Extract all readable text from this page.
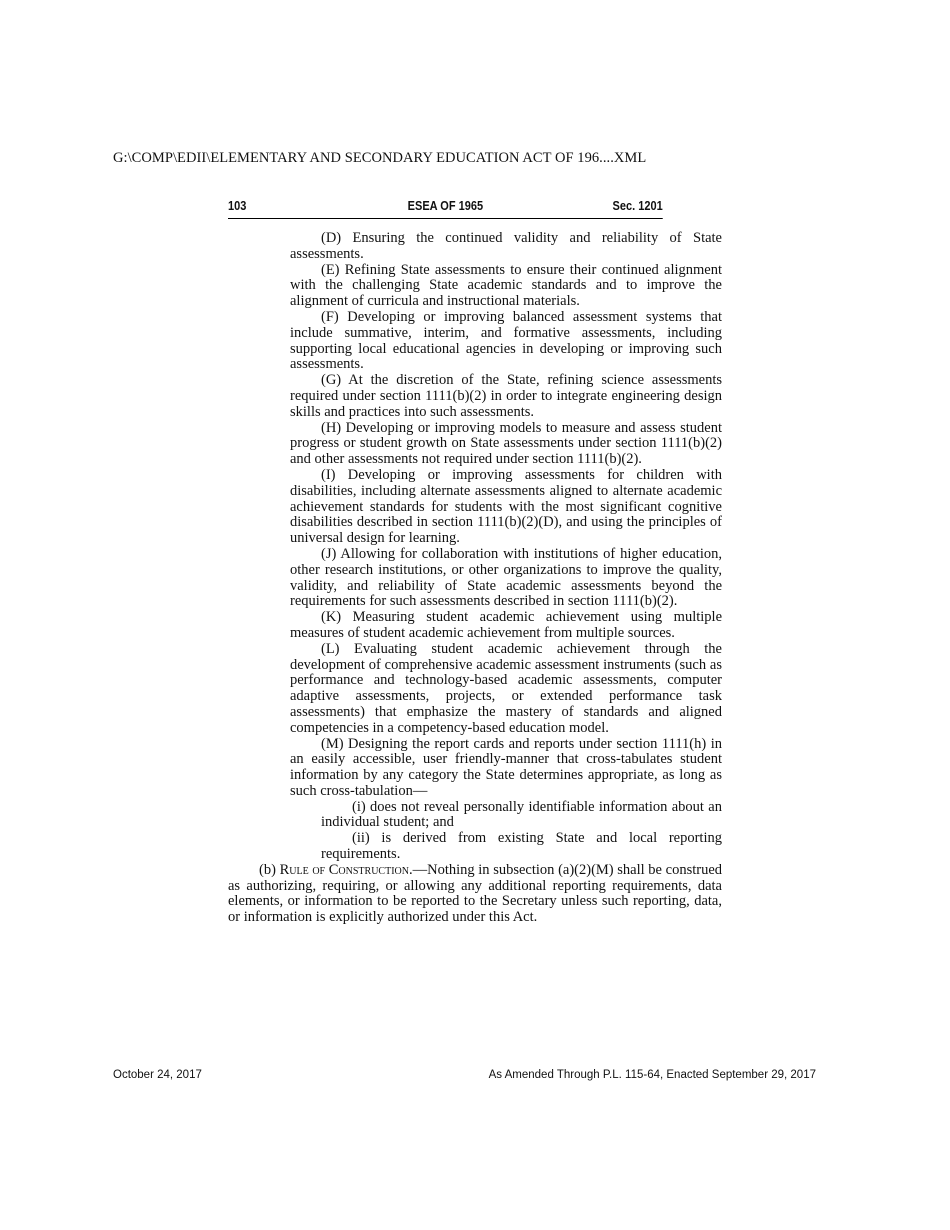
G:\COMP\EDII\ELEMENTARY AND SECONDARY EDUCATION ACT OF 196....XML
103	ESEA OF 1965	Sec. 1201

(D) Ensuring the continued validity and reliability of State assessments.

(E) Refining State assessments to ensure their continued alignment with the challenging State academic standards and to improve the alignment of curricula and instructional materials.

(F) Developing or improving balanced assessment systems that include summative, interim, and formative assessments, including supporting local educational agencies in developing or improving such assessments.

(G) At the discretion of the State, refining science assessments required under section 1111(b)(2) in order to integrate engineering design skills and practices into such assessments.

(H) Developing or improving models to measure and assess student progress or student growth on State assessments under section 1111(b)(2) and other assessments not required under section 1111(b)(2).

(I) Developing or improving assessments for children with disabilities, including alternate assessments aligned to alternate academic achievement standards for students with the most significant cognitive disabilities described in section 1111(b)(2)(D), and using the principles of universal design for learning.

(J) Allowing for collaboration with institutions of higher education, other research institutions, or other organizations to improve the quality, validity, and reliability of State academic assessments beyond the requirements for such assessments described in section 1111(b)(2).

(K) Measuring student academic achievement using multiple measures of student academic achievement from multiple sources.

(L) Evaluating student academic achievement through the development of comprehensive academic assessment instruments (such as performance and technology-based academic assessments, computer adaptive assessments, projects, or extended performance task assessments) that emphasize the mastery of standards and aligned competencies in a competency-based education model.

(M) Designing the report cards and reports under section 1111(h) in an easily accessible, user friendly-manner that cross-tabulates student information by any category the State determines appropriate, as long as such cross-tabulation—

(i) does not reveal personally identifiable information about an individual student; and

(ii) is derived from existing State and local reporting requirements.

(b) Rule of Construction.—Nothing in subsection (a)(2)(M) shall be construed as authorizing, requiring, or allowing any additional reporting requirements, data elements, or information to be reported to the Secretary unless such reporting, data, or information is explicitly authorized under this Act.

October 24, 2017	As Amended Through P.L. 115-64, Enacted September 29, 2017
